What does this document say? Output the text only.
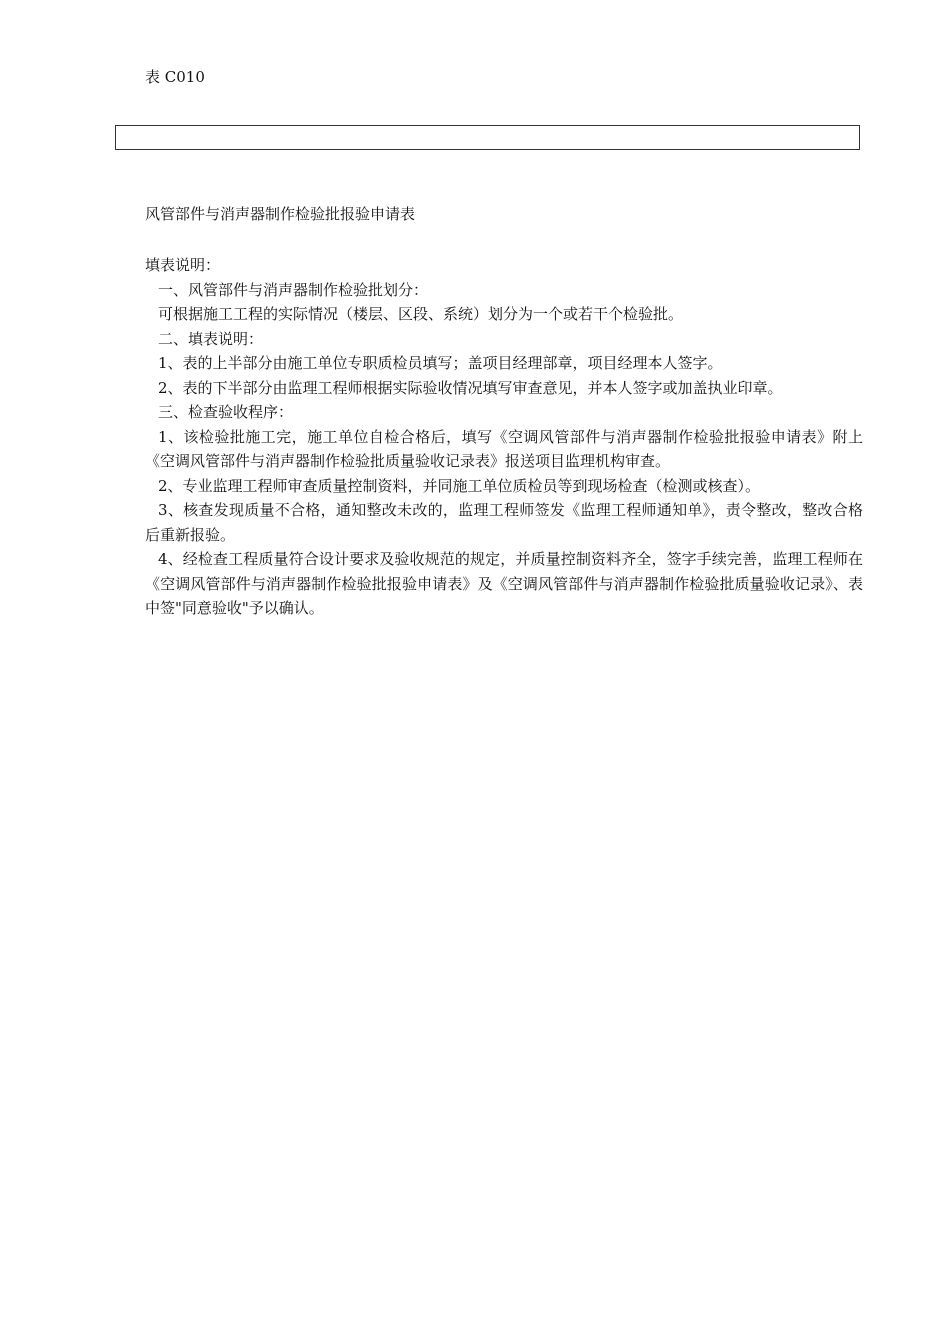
表 C010
风管部件与消声器制作检验批报验申请表

填表说明：

一、风管部件与消声器制作检验批划分：

可根据施工工程的实际情况（楼层、区段、系统）划分为一个或若干个检验批。

二、填表说明：

1、表的上半部分由施工单位专职质检员填写；盖项目经理部章，项目经理本人签字。

2、表的下半部分由监理工程师根据实际验收情况填写审查意见，并本人签字或加盖执业印章。

三、检查验收程序：

1、该检验批施工完，施工单位自检合格后，填写《空调风管部件与消声器制作检验批报验申请表》附上《空调风管部件与消声器制作检验批质量验收记录表》报送项目监理机构审查。

2、专业监理工程师审查质量控制资料，并同施工单位质检员等到现场检查（检测或核查）。

3、核查发现质量不合格，通知整改未改的，监理工程师签发《监理工程师通知单》，责令整改，整改合格后重新报验。

4、经检查工程质量符合设计要求及验收规范的规定，并质量控制资料齐全，签字手续完善，监理工程师在《空调风管部件与消声器制作检验批报验申请表》及《空调风管部件与消声器制作检验批质量验收记录》、表中签"同意验收"予以确认。
